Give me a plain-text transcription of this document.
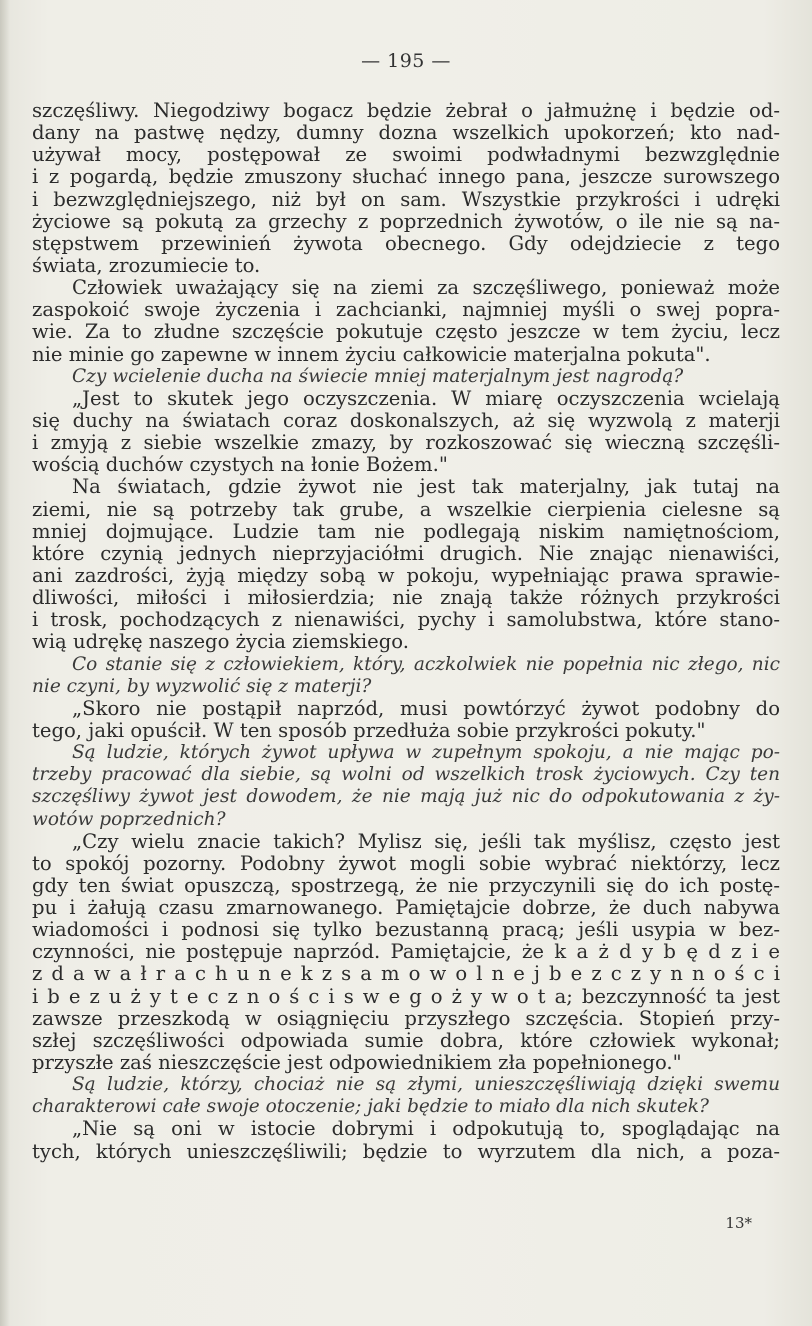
— 195 —
szczęśliwy. Niegodziwy bogacz będzie żebrał o jałmużnę i będzie od-
dany na pastwę nędzy, dumny dozna wszelkich upokorzeń; kto nad-
używał mocy, postępował ze swoimi podwładnymi bezwzględnie
i z pogardą, będzie zmuszony słuchać innego pana, jeszcze surowszego
i bezwzględniejszego, niż był on sam. Wszystkie przykrości i udręki
życiowe są pokutą za grzechy z poprzednich żywotów, o ile nie są na-
stępstwem przewinień żywota obecnego. Gdy odejdziecie z tego
świata, zrozumiecie to.
Człowiek uważający się na ziemi za szczęśliwego, ponieważ może
zaspokoić swoje życzenia i zachcianki, najmniej myśli o swej popra-
wie. Za to złudne szczęście pokutuje często jeszcze w tem życiu, lecz
nie minie go zapewne w innem życiu całkowicie materjalna pokuta".
Czy wcielenie ducha na świecie mniej materjalnym jest nagrodą?
„Jest to skutek jego oczyszczenia. W miarę oczyszczenia wcielają
się duchy na światach coraz doskonalszych, aż się wyzwolą z materji
i zmyją z siebie wszelkie zmazy, by rozkoszować się wieczną szczęśli-
wością duchów czystych na łonie Bożem."
Na światach, gdzie żywot nie jest tak materjalny, jak tutaj na
ziemi, nie są potrzeby tak grube, a wszelkie cierpienia cielesne są
mniej dojmujące. Ludzie tam nie podlegają niskim namiętnościom,
które czynią jednych nieprzyjaciółmi drugich. Nie znając nienawiści,
ani zazdrości, żyją między sobą w pokoju, wypełniając prawa sprawie-
dliwości, miłości i miłosierdzia; nie znają także różnych przykrości
i trosk, pochodzących z nienawiści, pychy i samolubstwa, które stano-
wią udrękę naszego życia ziemskiego.
Co stanie się z człowiekiem, który, aczkolwiek nie popełnia nic złego, nic
nie czyni, by wyzwolić się z materji?
„Skoro nie postąpił naprzód, musi powtórzyć żywot podobny do
tego, jaki opuścił. W ten sposób przedłuża sobie przykrości pokuty."
Są ludzie, których żywot upływa w zupełnym spokoju, a nie mając po-
trzeby pracować dla siebie, są wolni od wszelkich trosk życiowych. Czy ten
szczęśliwy żywot jest dowodem, że nie mają już nic do odpokutowania z ży-
wotów poprzednich?
„Czy wielu znacie takich? Mylisz się, jeśli tak myślisz, często jest
to spokój pozorny. Podobny żywot mogli sobie wybrać niektórzy, lecz
gdy ten świat opuszczą, spostrzegą, że nie przyczynili się do ich postę-
pu i żałują czasu zmarnowanego. Pamiętajcie dobrze, że duch nabywa
wiadomości i podnosi się tylko bezustanną pracą; jeśli usypia w bez-
czynności, nie postępuje naprzód. Pamiętajcie, że k a ż d y b ę d z i e
z d a w a ł r a c h u n e k z s a m o w o l n e j b e z c z y n n o ś c i
i b e z u ż y t e c z n o ś c i s w e g o ż y w o t a; bezczynność ta jest
zawsze przeszkodą w osiągnięciu przyszłego szczęścia. Stopień przy-
szłej szczęśliwości odpowiada sumie dobra, które człowiek wykonał;
przyszłe zaś nieszczęście jest odpowiednikiem zła popełnionego."
Są ludzie, którzy, chociaż nie są złymi, unieszczęśliwiają dzięki swemu
charakterowi całe swoje otoczenie; jaki będzie to miało dla nich skutek?
„Nie są oni w istocie dobrymi i odpokutują to, spoglądając na
tych, których unieszczęśliwili; będzie to wyrzutem dla nich, a poza-
13*
